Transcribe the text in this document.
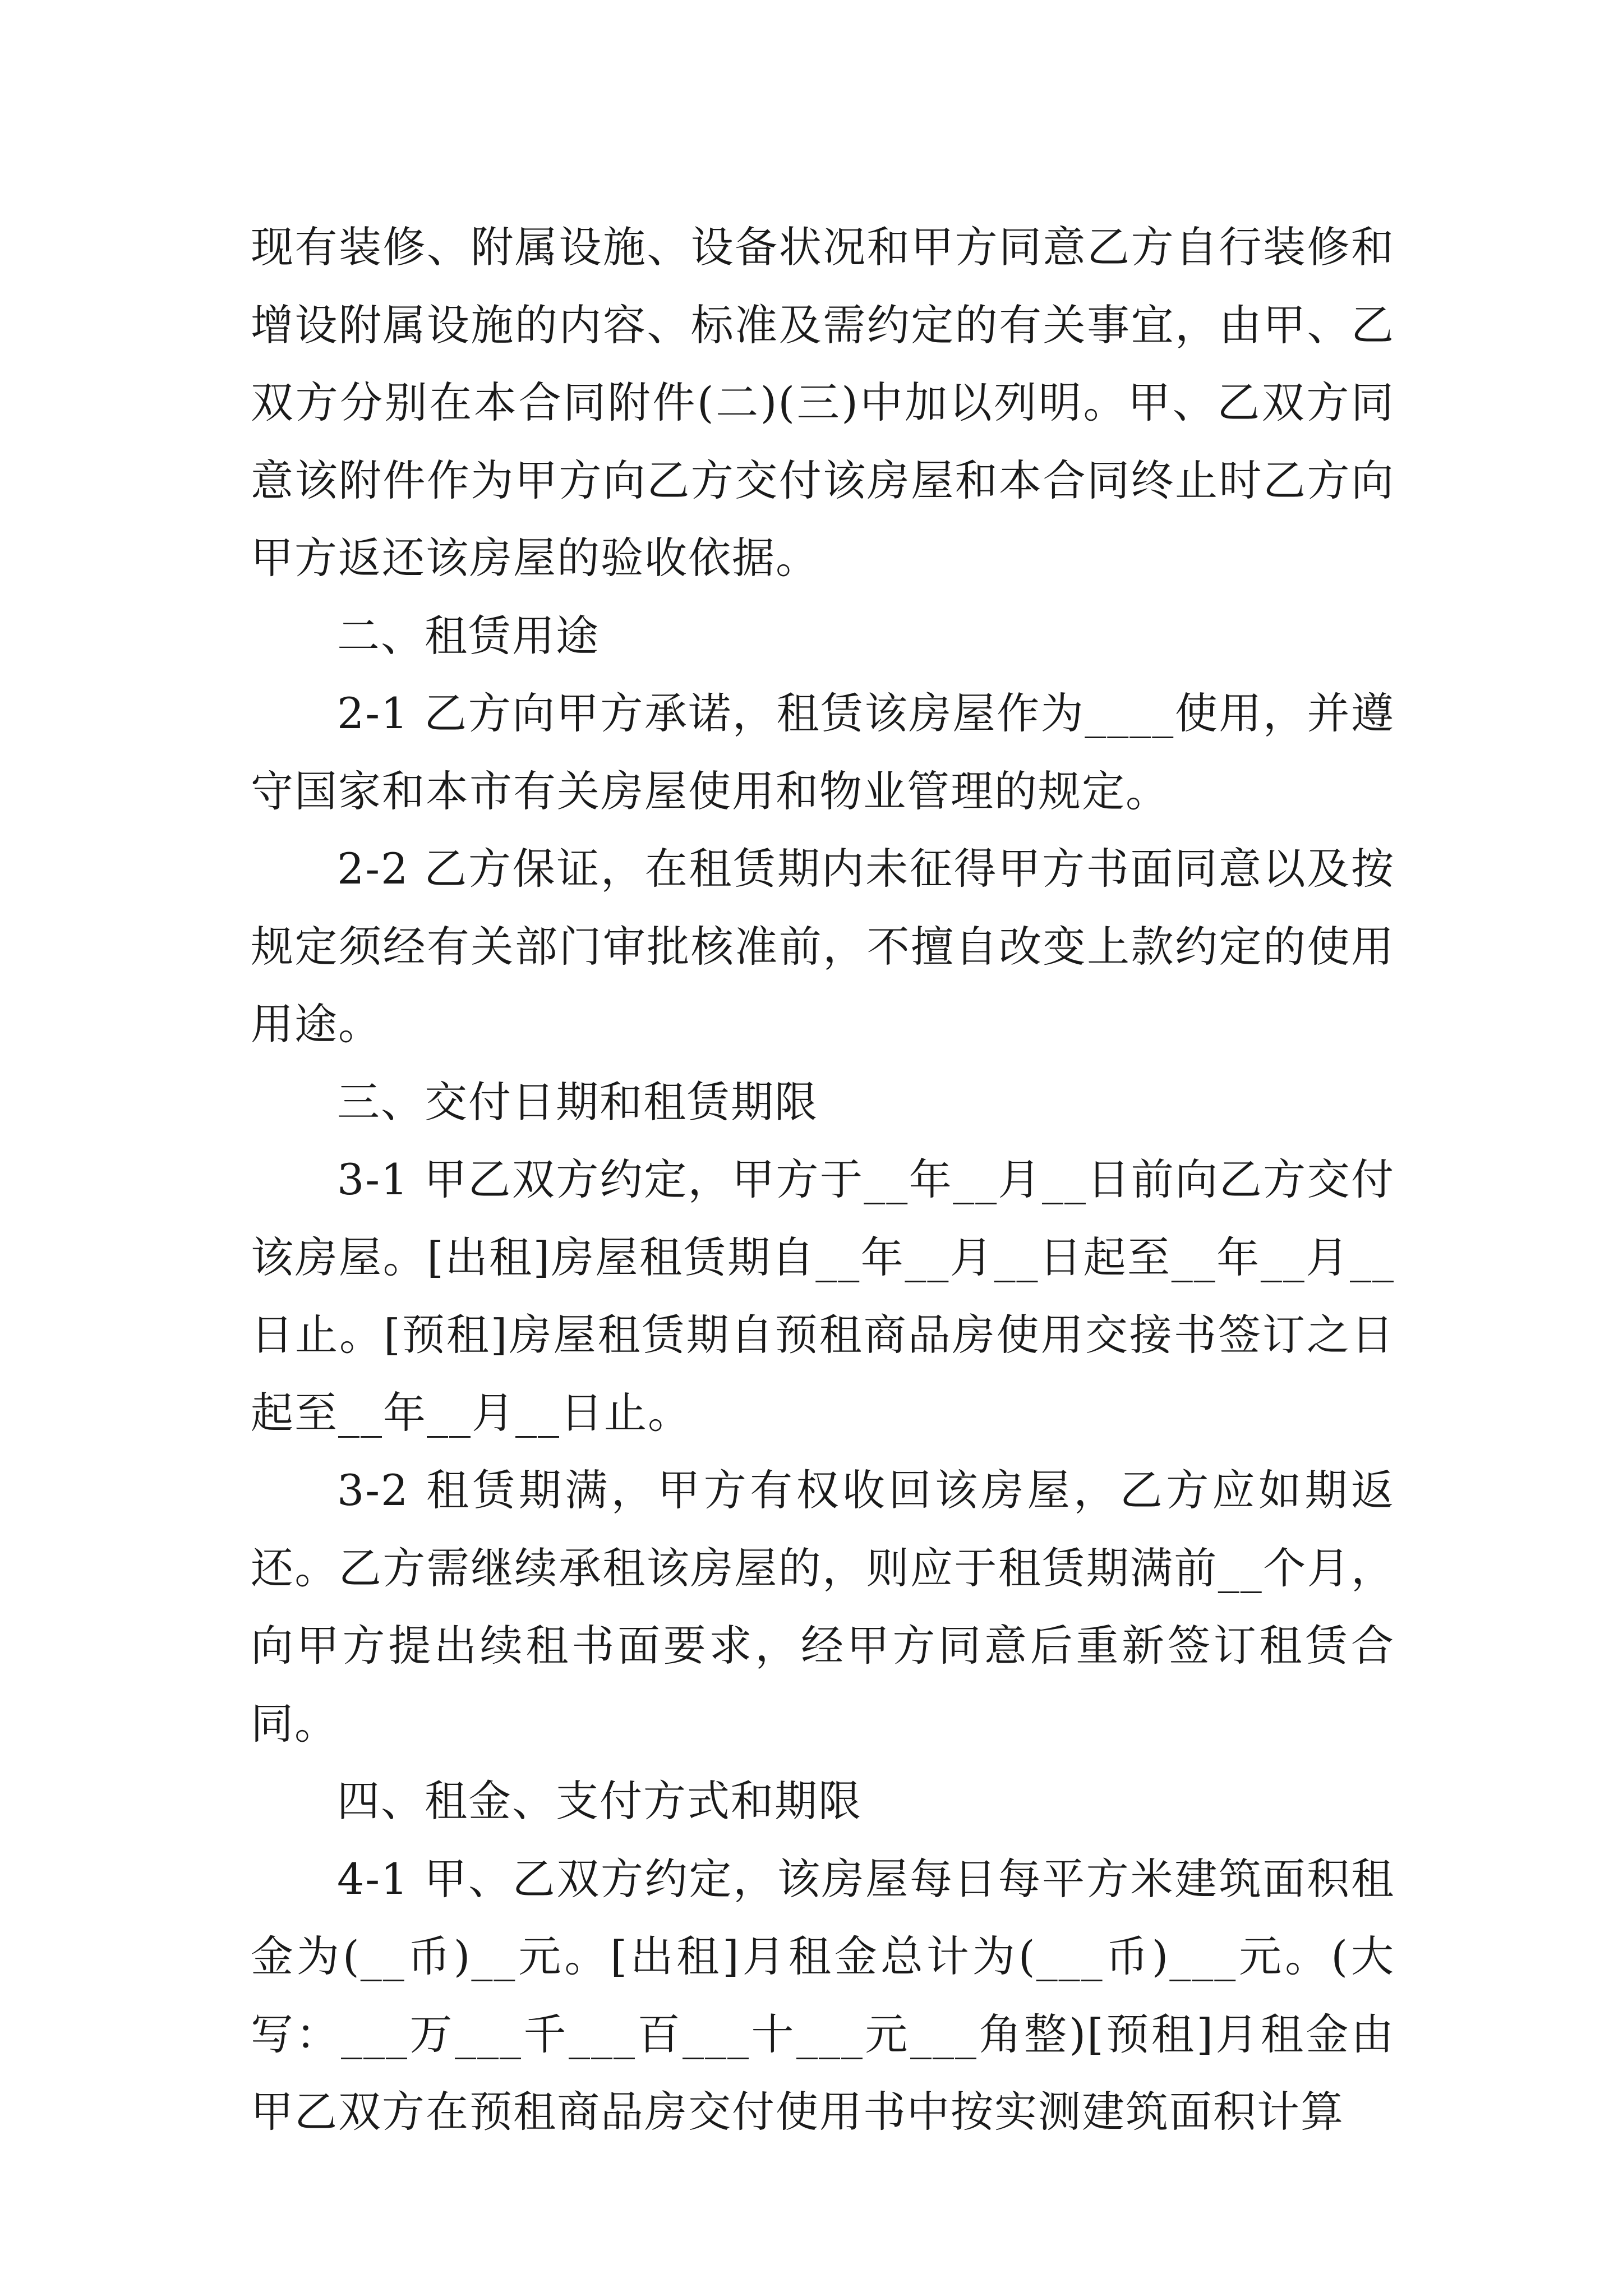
现有装修、附属设施、设备状况和甲方同意乙方自行装修和增设附属设施的内容、标准及需约定的有关事宜，由甲、乙双方分别在本合同附件(二)(三)中加以列明。甲、乙双方同意该附件作为甲方向乙方交付该房屋和本合同终止时乙方向甲方返还该房屋的验收依据。

二、租赁用途

2-1 乙方向甲方承诺，租赁该房屋作为____使用，并遵守国家和本市有关房屋使用和物业管理的规定。

2-2 乙方保证，在租赁期内未征得甲方书面同意以及按规定须经有关部门审批核准前，不擅自改变上款约定的使用用途。

三、交付日期和租赁期限

3-1 甲乙双方约定，甲方于__年__月__日前向乙方交付该房屋。[出租]房屋租赁期自__年__月__日起至__年__月__日止。[预租]房屋租赁期自预租商品房使用交接书签订之日起至__年__月__日止。

3-2 租赁期满，甲方有权收回该房屋，乙方应如期返还。乙方需继续承租该房屋的，则应于租赁期满前__个月，向甲方提出续租书面要求，经甲方同意后重新签订租赁合同。

四、租金、支付方式和期限

4-1 甲、乙双方约定，该房屋每日每平方米建筑面积租金为(__币)__元。[出租]月租金总计为(___币)___元。(大写：___万___千___百___十___元___角整)[预租]月租金由甲乙双方在预租商品房交付使用书中按实测建筑面积计算
